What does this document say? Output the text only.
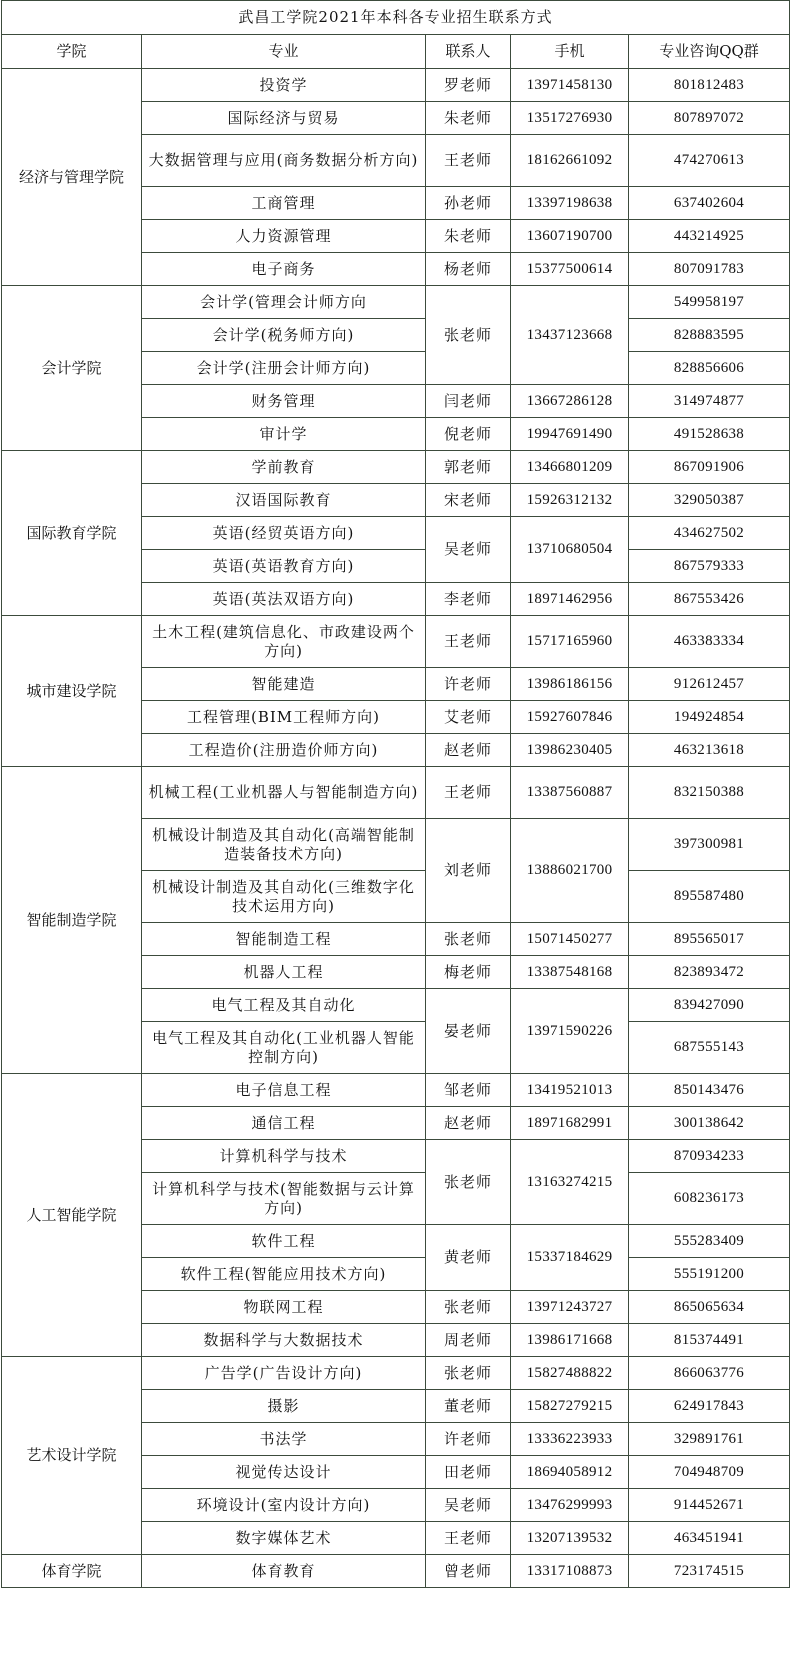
武昌工学院2021年本科各专业招生联系方式				
学院	专业	联系人	手机	专业咨询QQ群
经济与管理学院	投资学	罗老师	13971458130	801812483
	国际经济与贸易	朱老师	13517276930	807897072
	大数据管理与应用(商务数据分析方向)	王老师	18162661092	474270613
	工商管理	孙老师	13397198638	637402604
	人力资源管理	朱老师	13607190700	443214925
	电子商务	杨老师	15377500614	807091783
会计学院	会计学(管理会计师方向	张老师	13437123668	549958197
	会计学(税务师方向)			828883595
	会计学(注册会计师方向)			828856606
	财务管理	闫老师	13667286128	314974877
	审计学	倪老师	19947691490	491528638
国际教育学院	学前教育	郭老师	13466801209	867091906
	汉语国际教育	宋老师	15926312132	329050387
	英语(经贸英语方向)	吴老师	13710680504	434627502
	英语(英语教育方向)			867579333
	英语(英法双语方向)	李老师	18971462956	867553426
城市建设学院	土木工程(建筑信息化、市政建设两个方向)	王老师	15717165960	463383334
	智能建造	许老师	13986186156	912612457
	工程管理(BIM工程师方向)	艾老师	15927607846	194924854
	工程造价(注册造价师方向)	赵老师	13986230405	463213618
智能制造学院	机械工程(工业机器人与智能制造方向)	王老师	13387560887	832150388
	机械设计制造及其自动化(高端智能制造装备技术方向)	刘老师	13886021700	397300981
	机械设计制造及其自动化(三维数字化技术运用方向)			895587480
	智能制造工程	张老师	15071450277	895565017
	机器人工程	梅老师	13387548168	823893472
	电气工程及其自动化	晏老师	13971590226	839427090
	电气工程及其自动化(工业机器人智能控制方向)			687555143
人工智能学院	电子信息工程	邹老师	13419521013	850143476
	通信工程	赵老师	18971682991	300138642
	计算机科学与技术	张老师	13163274215	870934233
	计算机科学与技术(智能数据与云计算方向)			608236173
	软件工程	黄老师	15337184629	555283409
	软件工程(智能应用技术方向)			555191200
	物联网工程	张老师	13971243727	865065634
	数据科学与大数据技术	周老师	13986171668	815374491
艺术设计学院	广告学(广告设计方向)	张老师	15827488822	866063776
	摄影	董老师	15827279215	624917843
	书法学	许老师	13336223933	329891761
	视觉传达设计	田老师	18694058912	704948709
	环境设计(室内设计方向)	吴老师	13476299993	914452671
	数字媒体艺术	王老师	13207139532	463451941
体育学院	体育教育	曾老师	13317108873	723174515
